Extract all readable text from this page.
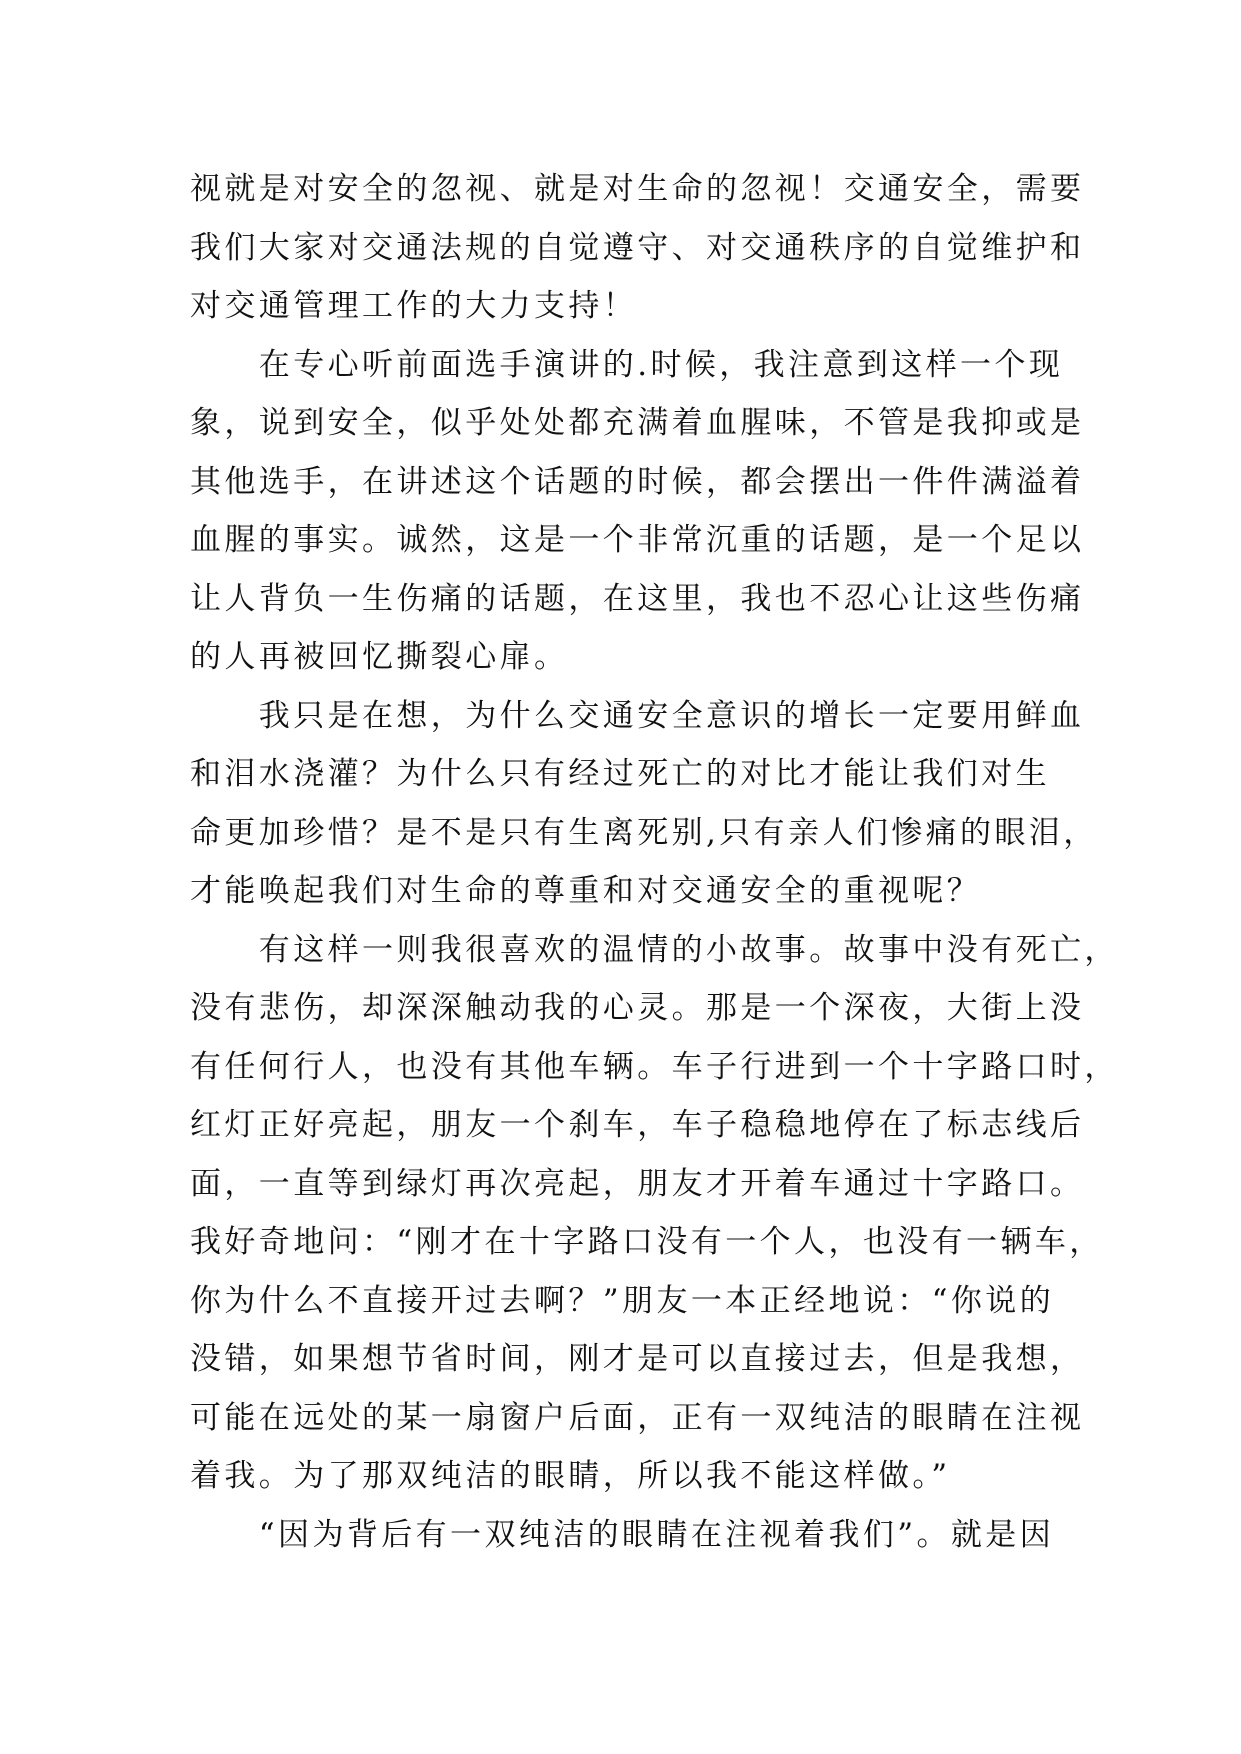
视就是对安全的忽视、就是对生命的忽视！交通安全，需要
我们大家对交通法规的自觉遵守、对交通秩序的自觉维护和
对交通管理工作的大力支持！
　　在专心听前面选手演讲的.时候，我注意到这样一个现
象，说到安全，似乎处处都充满着血腥味，不管是我抑或是
其他选手，在讲述这个话题的时候，都会摆出一件件满溢着
血腥的事实。诚然，这是一个非常沉重的话题，是一个足以
让人背负一生伤痛的话题，在这里，我也不忍心让这些伤痛
的人再被回忆撕裂心扉。
　　我只是在想，为什么交通安全意识的增长一定要用鲜血
和泪水浇灌？为什么只有经过死亡的对比才能让我们对生
命更加珍惜？是不是只有生离死别,只有亲人们惨痛的眼泪，
才能唤起我们对生命的尊重和对交通安全的重视呢？
　　有这样一则我很喜欢的温情的小故事。故事中没有死亡，
没有悲伤，却深深触动我的心灵。那是一个深夜，大街上没
有任何行人，也没有其他车辆。车子行进到一个十字路口时，
红灯正好亮起，朋友一个刹车，车子稳稳地停在了标志线后
面，一直等到绿灯再次亮起，朋友才开着车通过十字路口。
我好奇地问：“刚才在十字路口没有一个人，也没有一辆车，
你为什么不直接开过去啊？”朋友一本正经地说：“你说的
没错，如果想节省时间，刚才是可以直接过去，但是我想，
可能在远处的某一扇窗户后面，正有一双纯洁的眼睛在注视
着我。为了那双纯洁的眼睛，所以我不能这样做。”
　　“因为背后有一双纯洁的眼睛在注视着我们”。就是因
